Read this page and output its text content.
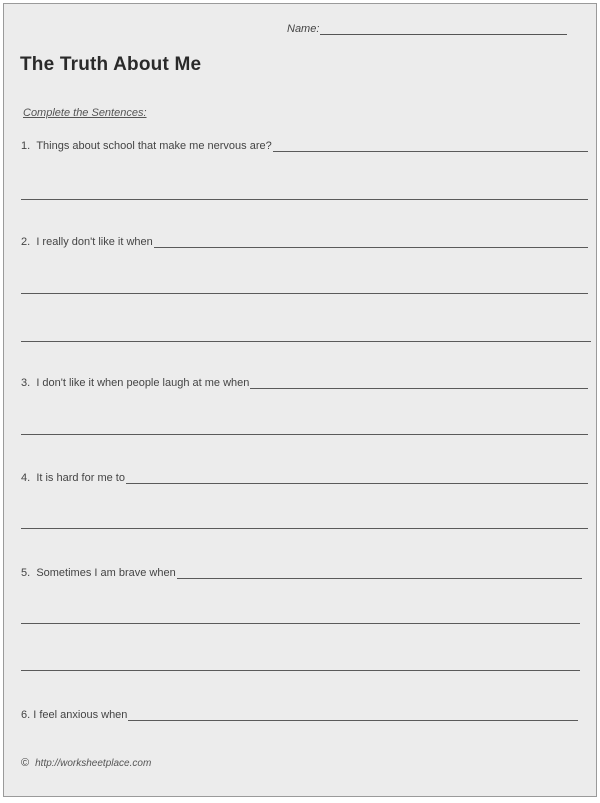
Name:
The Truth About Me
Complete the Sentences:
1.
Things about school that make me nervous are?
2.
I really don't like it when
3.
I don't like it when people laugh at me when
4.
It is hard for me to
5.
Sometimes I am brave when
6.
I feel anxious when
© http://worksheetplace.com
